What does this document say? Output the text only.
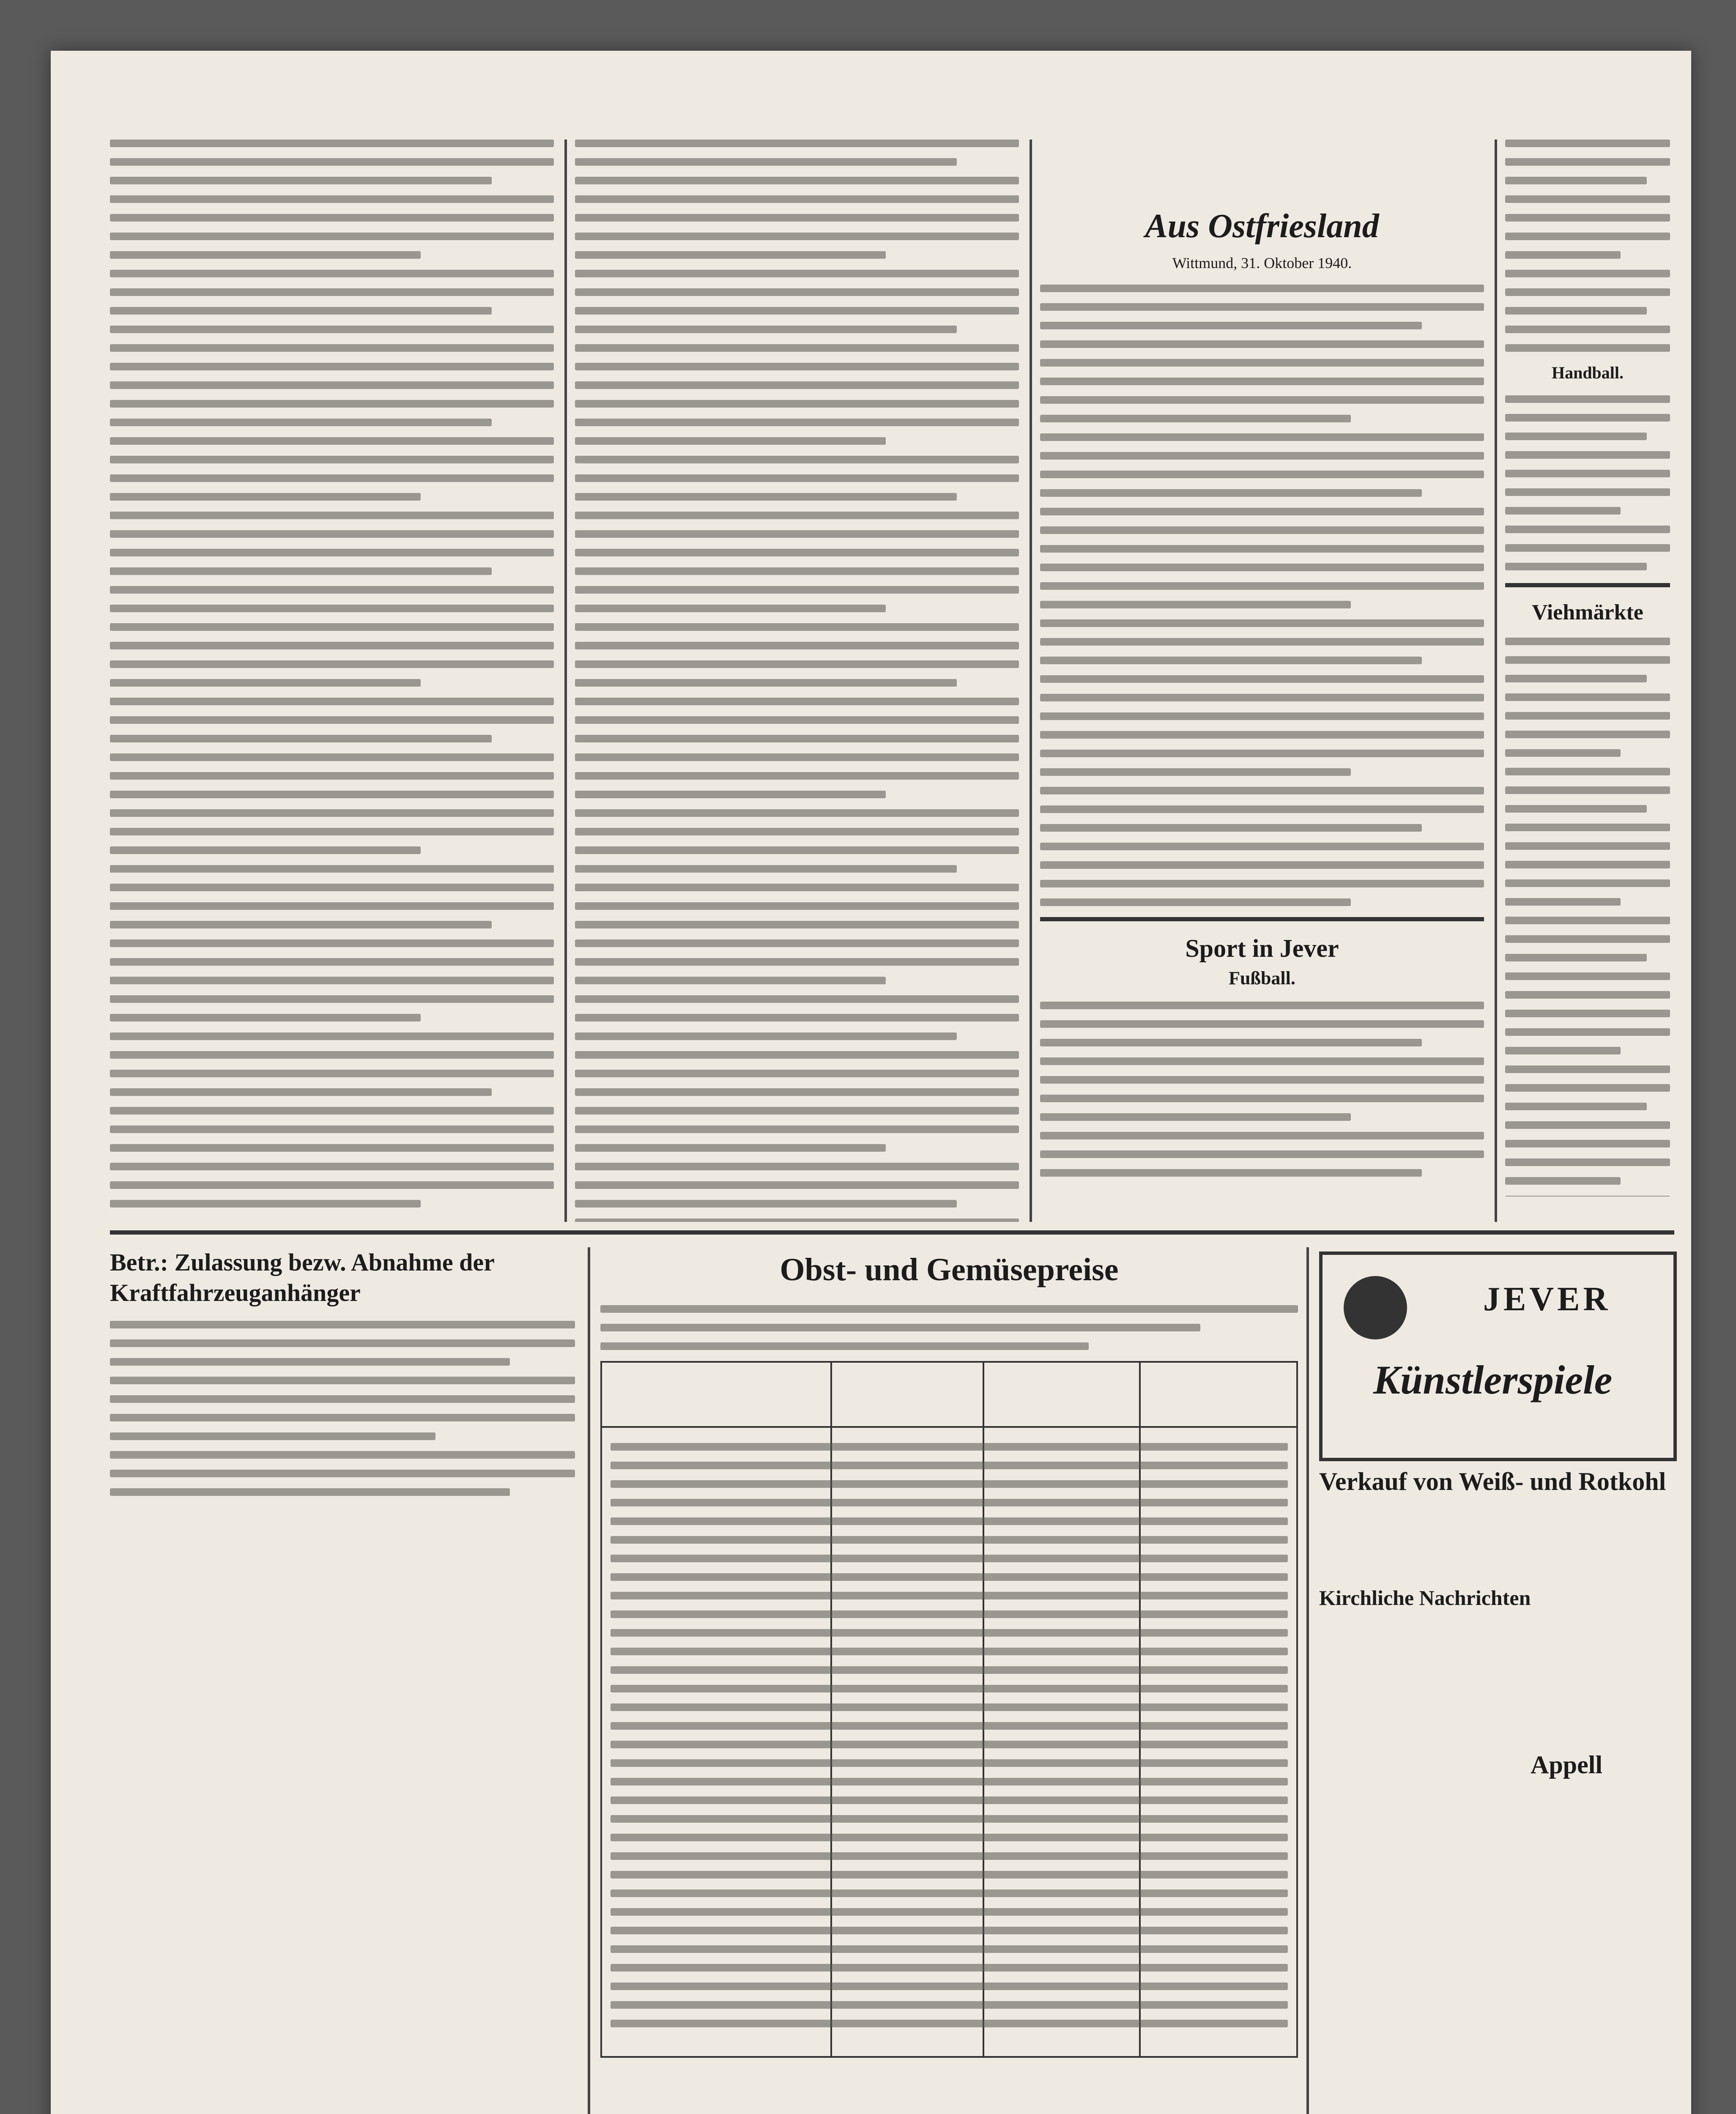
Aus Ostfriesland
Wittmund, 31. Oktober 1940.
Sport in Jever
Fußball.
Handball.
Viehmärkte
Betr.: Zulassung bezw. Abnahme der Kraftfahrzeuganhänger
Obst- und Gemüsepreise
JEVER
Künstlerspiele
Verkauf von Weiß- und Rotkohl
Kirchliche Nachrichten
Appell
